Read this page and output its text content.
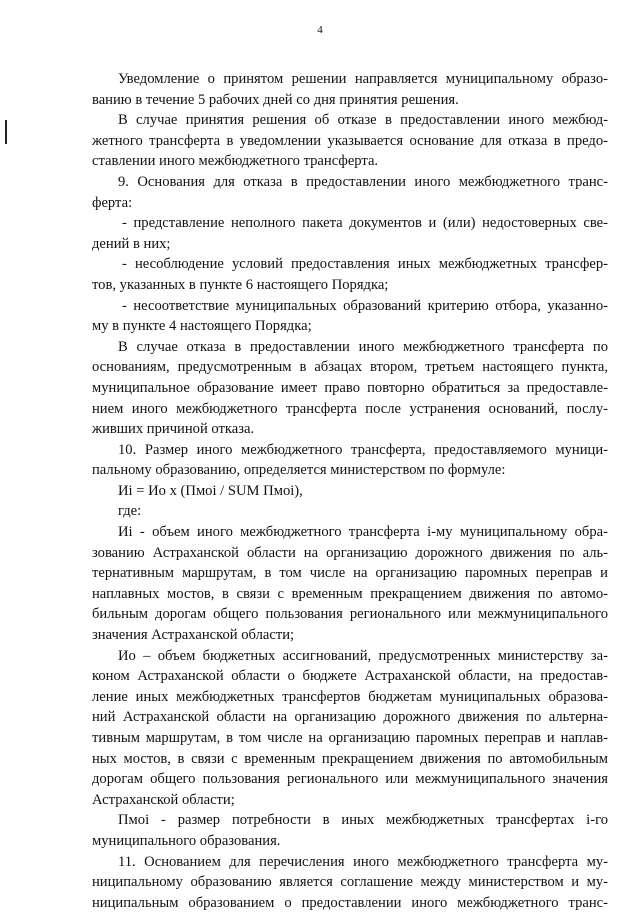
4
Уведомление о принятом решении направляется муниципальному образо-
ванию в течение 5 рабочих дней со дня принятия решения.
В случае принятия решения об отказе в предоставлении иного межбюд-
жетного трансферта в уведомлении указывается основание для отказа в предо-
ставлении иного межбюджетного трансферта.
9. Основания для отказа в предоставлении иного межбюджетного транс-
ферта:
- представление неполного пакета документов и (или) недостоверных све-
дений в них;
- несоблюдение условий предоставления иных межбюджетных трансфер-
тов, указанных в пункте 6 настоящего Порядка;
- несоответствие муниципальных образований критерию отбора, указанно-
му в пункте 4 настоящего Порядка;
В случае отказа в предоставлении иного межбюджетного трансферта по
основаниям, предусмотренным в абзацах втором, третьем настоящего пункта,
муниципальное образование имеет право повторно обратиться за предоставле-
нием иного межбюджетного трансферта после устранения оснований, послу-
живших причиной отказа.
10. Размер иного межбюджетного трансферта, предоставляемого муници-
пальному образованию, определяется министерством по формуле:
Иi = Ио x (Пмоi / SUM Пмоi),
где:
Иi - объем иного межбюджетного трансферта i-му муниципальному обра-
зованию Астраханской области на организацию дорожного движения по аль-
тернативным маршрутам, в том числе на организацию паромных переправ и
наплавных мостов, в связи с временным прекращением движения по автомо-
бильным дорогам общего пользования регионального или межмуниципального
значения Астраханской области;
Ио – объем бюджетных ассигнований, предусмотренных министерству за-
коном Астраханской области о бюджете Астраханской области, на предостав-
ление иных межбюджетных трансфертов бюджетам муниципальных образова-
ний Астраханской области на организацию дорожного движения по альтерна-
тивным маршрутам, в том числе на организацию паромных переправ и наплав-
ных мостов, в связи с временным прекращением движения по автомобильным
дорогам общего пользования регионального или межмуниципального значения
Астраханской области;
Пмоi - размер потребности в иных межбюджетных трансфертах i-го
муниципального образования.
11. Основанием для перечисления иного межбюджетного трансферта му-
ниципальному образованию является соглашение между министерством и му-
ниципальным образованием о предоставлении иного межбюджетного транс-
